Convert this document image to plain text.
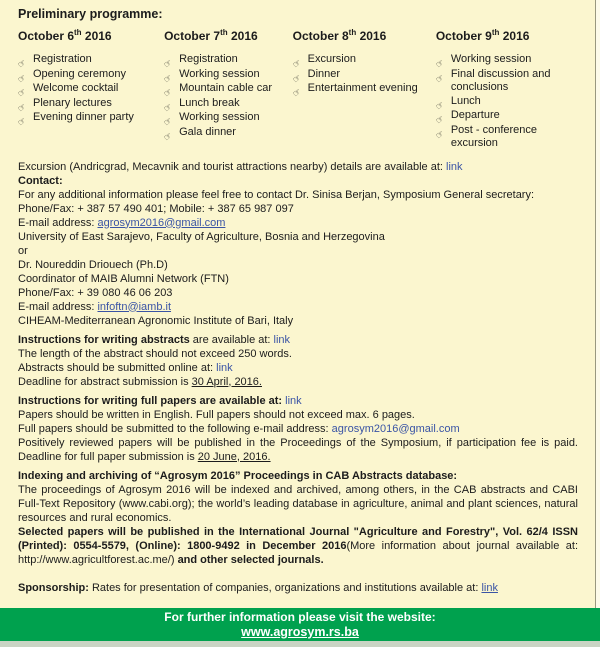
Preliminary programme:
October 6th 2016
☞ Registration
☞ Opening ceremony
☞ Welcome cocktail
☞ Plenary lectures
☞ Evening dinner party
October 7th 2016
☞ Registration
☞ Working session
☞ Mountain cable car
☞ Lunch break
☞ Working session
☞ Gala dinner
October 8th 2016
☞ Excursion
☞ Dinner
☞ Entertainment evening
October 9th 2016
☞ Working session
☞ Final discussion and conclusions
☞ Lunch
☞ Departure
☞ Post - conference excursion

Excursion (Andricgrad, Mecavnik and tourist attractions nearby) details are available at: link

Contact:

For any additional information please feel free to contact Dr. Sinisa Berjan, Symposium General secretary:

Phone/Fax: + 387 57 490 401; Mobile: + 387 65 987 097

E-mail address: agrosym2016@gmail.com

University of East Sarajevo, Faculty of Agriculture, Bosnia and Herzegovina

or

Dr. Noureddin Driouech (Ph.D)

Coordinator of MAIB Alumni Network (FTN)

Phone/Fax: + 39 080 46 06 203

E-mail address: infoftn@iamb.it

CIHEAM-Mediterranean Agronomic Institute of Bari, Italy

Instructions for writing abstracts are available at: link

The length of the abstract should not exceed 250 words.

Abstracts should be submitted online at: link

Deadline for abstract submission is 30 April, 2016.

Instructions for writing full papers are available at: link

Papers should be written in English. Full papers should not exceed max. 6 pages.

Full papers should be submitted to the following e-mail address: agrosym2016@gmail.com

Positively reviewed papers will be published in the Proceedings of the Symposium, if participation fee is paid. Deadline for full paper submission is 20 June, 2016.

Indexing and archiving of “Agrosym 2016” Proceedings in CAB Abstracts database:

The proceedings of Agrosym 2016 will be indexed and archived, among others, in the CAB abstracts and CABI Full-Text Repository (www.cabi.org); the world’s leading database in agriculture, animal and plant sciences, natural resources and rural economics.

Selected papers will be published in the International Journal "Agriculture and Forestry", Vol. 62/4 ISSN (Printed): 0554-5579, (Online): 1800-9492 in December 2016(More information about journal available at: http://www.agricultforest.ac.me/) and other selected journals.

Sponsorship: Rates for presentation of companies, organizations and institutions available at: link

For further information please visit the website:
www.agrosym.rs.ba
